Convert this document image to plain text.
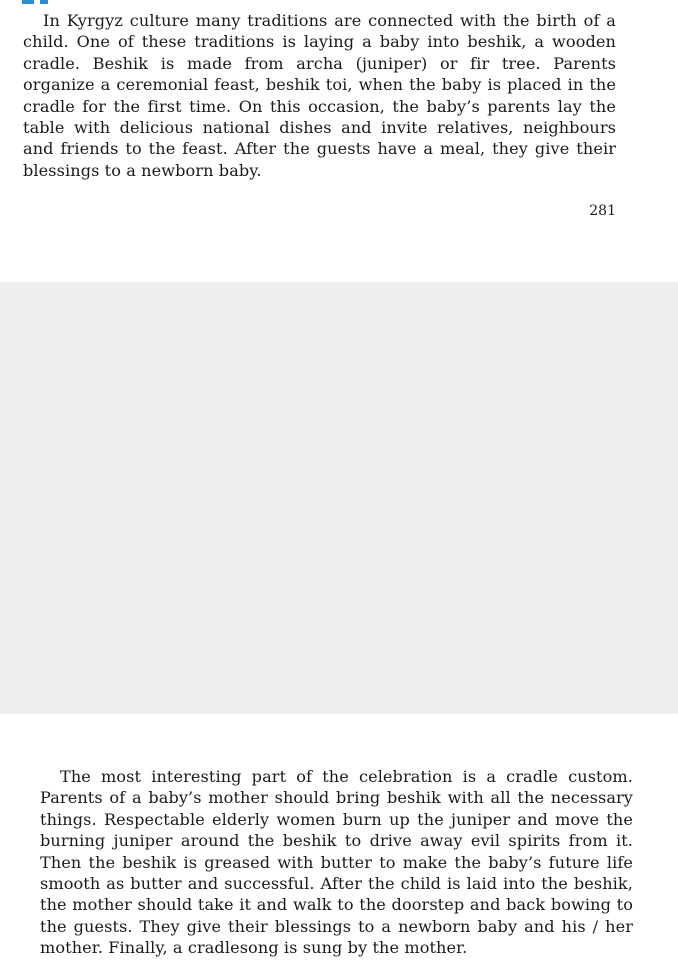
In Kyrgyz culture many traditions are connected with the birth of a child. One of these traditions is laying a baby into beshik, a wooden cradle. Beshik is made from archa (juniper) or fir tree. Parents organize a ceremonial feast, beshik toi, when the baby is placed in the cradle for the first time. On this occasion, the baby’s parents lay the table with delicious national dishes and invite relatives, neighbours and friends to the feast. After the guests have a meal, they give their blessings to a newborn baby.

281

The most interesting part of the celebration is a cradle custom. Parents of a baby’s mother should bring beshik with all the necessary things. Respectable elderly women burn up the juniper and move the burning juniper around the beshik to drive away evil spirits from it. Then the beshik is greased with butter to make the baby’s future life smooth as butter and successful. After the child is laid into the beshik, the mother should take it and walk to the doorstep and back bowing to the guests. They give their blessings to a newborn baby and his / her mother. Finally, a cradlesong is sung by the mother.
